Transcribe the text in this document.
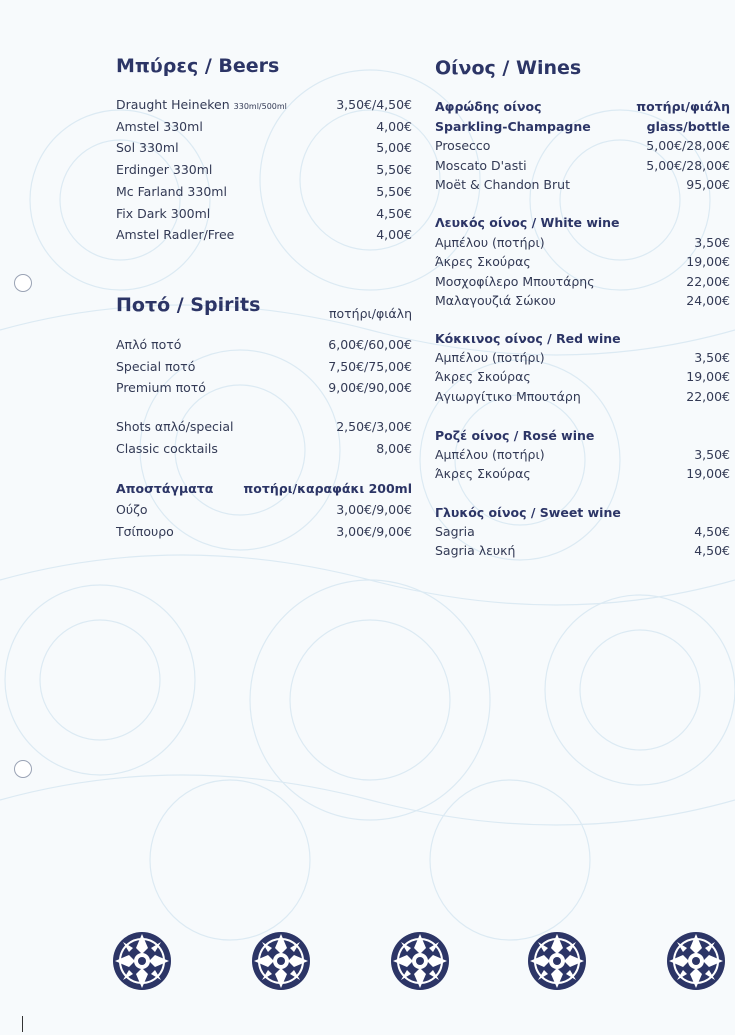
Μπύρες / Beers
Draught Heineken 330ml/500ml	3,50€/4,50€
Amstel 330ml	4,00€
Sol 330ml	5,00€
Erdinger 330ml	5,50€
Mc Farland 330ml	5,50€
Fix Dark 300ml	4,50€
Amstel Radler/Free	4,00€
Ποτό / Spirits	ποτήρι/φιάλη
Απλό ποτό	6,00€/60,00€
Special ποτό	7,50€/75,00€
Premium ποτό	9,00€/90,00€
Shots απλό/special	2,50€/3,00€
Classic cocktails	8,00€
Αποστάγματα ποτήρι/καραφάκι 200ml
Ούζο	3,00€/9,00€
Τσίπουρο	3,00€/9,00€
Οίνος / Wines
Αφρώδης οίνος	ποτήρι/φιάλη
Sparkling-Champagne	glass/bottle
Prosecco	5,00€/28,00€
Moscato D'asti	5,00€/28,00€
Moët & Chandon Brut	95,00€
Λευκός οίνος / White wine
Αμπέλου (ποτήρι)	3,50€
Άκρες Σκούρας	19,00€
Μοσχοφίλερο Μπουτάρης	22,00€
Μαλαγουζιά Σώκου	24,00€
Κόκκινος οίνος / Red wine
Αμπέλου (ποτήρι)	3,50€
Άκρες Σκούρας	19,00€
Αγιωργίτικο Μπουτάρη	22,00€
Ροζέ οίνος / Rosé wine
Αμπέλου (ποτήρι)	3,50€
Άκρες Σκούρας	19,00€
Γλυκός οίνος / Sweet wine
Sagria	4,50€
Sagria λευκή	4,50€
